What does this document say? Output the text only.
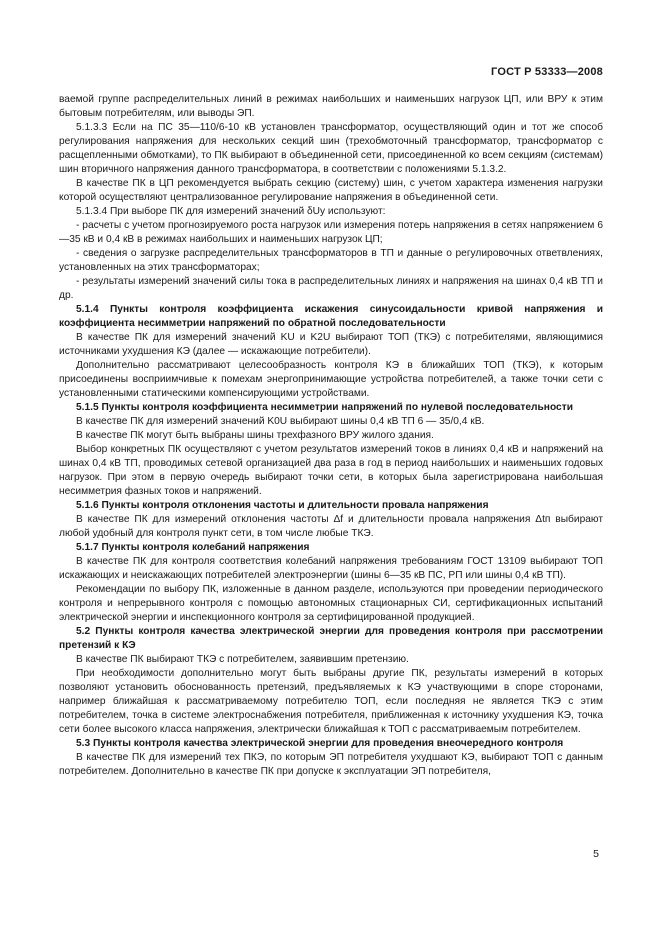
ГОСТ Р 53333—2008

ваемой группе распределительных линий в режимах наибольших и наименьших нагрузок ЦП, или ВРУ к этим бытовым потребителям, или выводы ЭП.

5.1.3.3 Если на ПС 35—110/6-10 кВ установлен трансформатор, осуществляющий один и тот же способ регулирования напряжения для нескольких секций шин (трехобмоточный трансформатор, трансформатор с расщепленными обмотками), то ПК выбирают в объединенной сети, присоединенной ко всем секциям (системам) шин вторичного напряжения данного трансформатора, в соответствии с положениями 5.1.3.2.

В качестве ПК в ЦП рекомендуется выбрать секцию (систему) шин, с учетом характера изменения нагрузки которой осуществляют централизованное регулирование напряжения в объединенной сети.

5.1.3.4 При выборе ПК для измерений значений δUy используют:

- расчеты с учетом прогнозируемого роста нагрузок или измерения потерь напряжения в сетях напряжением 6—35 кВ и 0,4 кВ в режимах наибольших и наименьших нагрузок ЦП;

- сведения о загрузке распределительных трансформаторов в ТП и данные о регулировочных ответвлениях, установленных на этих трансформаторах;

- результаты измерений значений силы тока в распределительных линиях и напряжения на шинах 0,4 кВ ТП и др.

5.1.4 Пункты контроля коэффициента искажения синусоидальности кривой напряжения и коэффициента несимметрии напряжений по обратной последовательности

В качестве ПК для измерений значений KU и K2U выбирают ТОП (ТКЭ) с потребителями, являющимися источниками ухудшения КЭ (далее — искажающие потребители).

Дополнительно рассматривают целесообразность контроля КЭ в ближайших ТОП (ТКЭ), к которым присоединены восприимчивые к помехам энергопринимающие устройства потребителей, а также точки сети с установленными статическими компенсирующими устройствами.

5.1.5 Пункты контроля коэффициента несимметрии напряжений по нулевой последовательности

В качестве ПК для измерений значений K0U выбирают шины 0,4 кВ ТП 6 — 35/0,4 кВ.

В качестве ПК могут быть выбраны шины трехфазного ВРУ жилого здания.

Выбор конкретных ПК осуществляют с учетом результатов измерений токов в линиях 0,4 кВ и напряжений на шинах 0,4 кВ ТП, проводимых сетевой организацией два раза в год в период наибольших и наименьших годовых нагрузок. При этом в первую очередь выбирают точки сети, в которых была зарегистрирована наибольшая несимметрия фазных токов и напряжений.

5.1.6 Пункты контроля отклонения частоты и длительности провала напряжения

В качестве ПК для измерений отклонения частоты Δf и длительности провала напряжения Δtп выбирают любой удобный для контроля пункт сети, в том числе любые ТКЭ.

5.1.7 Пункты контроля колебаний напряжения

В качестве ПК для контроля соответствия колебаний напряжения требованиям ГОСТ 13109 выбирают ТОП искажающих и неискажающих потребителей электроэнергии (шины 6—35 кВ ПС, РП или шины 0,4 кВ ТП).

Рекомендации по выбору ПК, изложенные в данном разделе, используются при проведении периодического контроля и непрерывного контроля с помощью автономных стационарных СИ, сертификационных испытаний электрической энергии и инспекционного контроля за сертифицированной продукцией.

5.2 Пункты контроля качества электрической энергии для проведения контроля при рассмотрении претензий к КЭ

В качестве ПК выбирают ТКЭ с потребителем, заявившим претензию.

При необходимости дополнительно могут быть выбраны другие ПК, результаты измерений в которых позволяют установить обоснованность претензий, предъявляемых к КЭ участвующими в споре сторонами, например ближайшая к рассматриваемому потребителю ТОП, если последняя не является ТКЭ с этим потребителем, точка в системе электроснабжения потребителя, приближенная к источнику ухудшения КЭ, точка сети более высокого класса напряжения, электрически ближайшая к ТОП с рассматриваемым потребителем.

5.3 Пункты контроля качества электрической энергии для проведения внеочередного контроля

В качестве ПК для измерений тех ПКЭ, по которым ЭП потребителя ухудшают КЭ, выбирают ТОП с данным потребителем. Дополнительно в качестве ПК при допуске к эксплуатации ЭП потребителя,

5
